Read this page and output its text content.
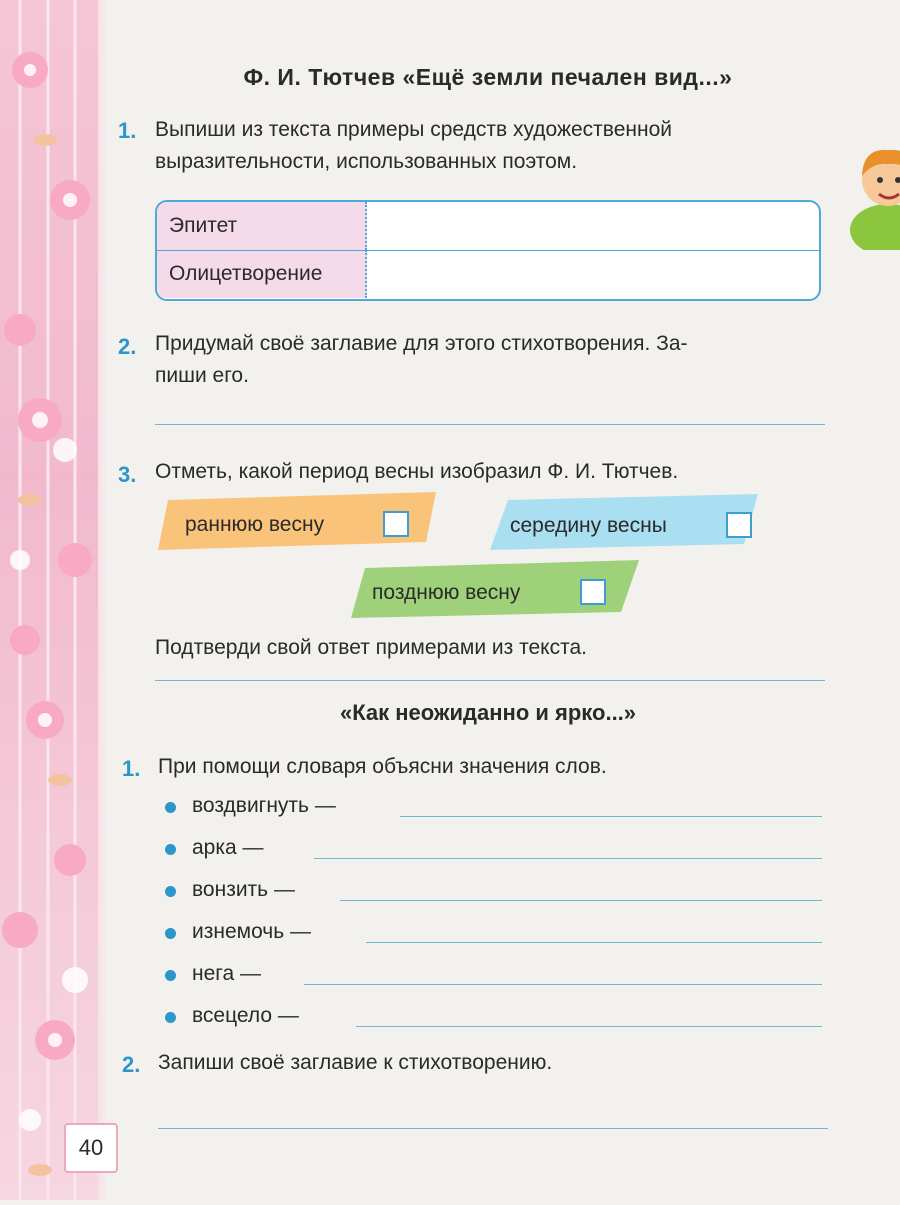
Ф. И. Тютчев «Ещё земли печален вид...»
1. Выпиши из текста примеры средств художественной
выразительности, использованных поэтом.
Эпитет
Олицетворение
2. Придумай своё заглавие для этого стихотворения. За-
пиши его.
3. Отметь, какой период весны изобразил Ф. И. Тютчев.
раннюю весну	середину весны
позднюю весну
Подтверди свой ответ примерами из текста.
«Как неожиданно и ярко...»
1. При помощи словаря объясни значения слов.
воздвигнуть —
арка —
вонзить —
изнемочь —
нега —
всецело —
2. Запиши своё заглавие к стихотворению.
40
